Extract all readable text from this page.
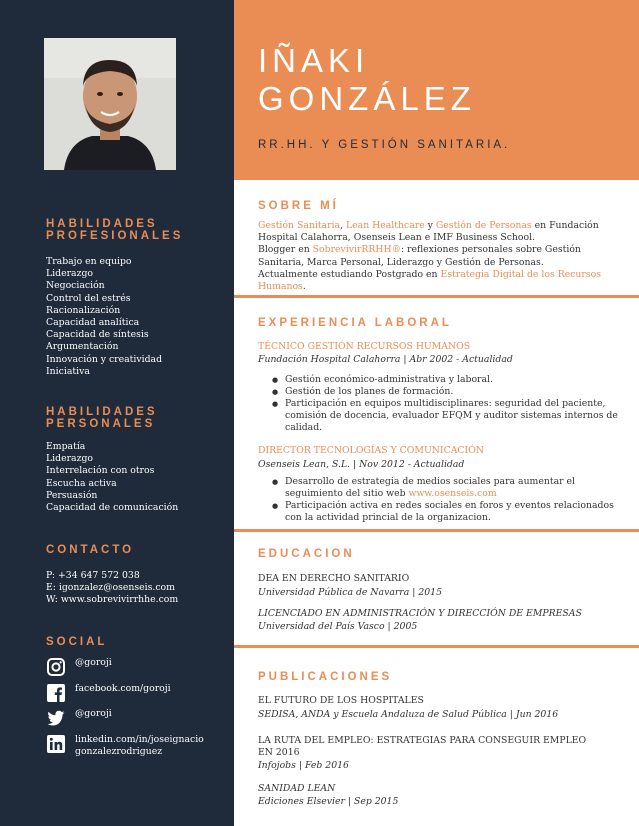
HABILIDADES
PROFESIONALES
Trabajo en equipo
Liderazgo
Negociación
Control del estrés
Racionalización
Capacidad analítica
Capacidad de síntesis
Argumentación
Innovación y creatividad
Iniciativa
HABILIDADES
PERSONALES
Empatía
Liderazgo
Interrelación con otros
Escucha activa
Persuasión
Capacidad de comunicación
CONTACTO
P: +34 647 572 038
E: igonzalez@osenseis.com
W: www.sobrevivirrhhe.com
SOCIAL
@goroji
facebook.com/goroji
@goroji
linkedin.com/in/joseignacio
gonzalezrodriguez
IÑAKI
GONZÁLEZ
RR.HH. Y GESTIÓN SANITARIA.
SOBRE MÍ
Gestión Sanitaria, Lean Healthcare y Gestión de Personas en Fundación Hospital Calahorra, Osenseis Lean e IMF Business School.
Blogger en SobrevivirRRHH®: reflexiones personales sobre Gestión Sanitaria, Marca Personal, Liderazgo y Gestión de Personas.
Actualmente estudiando Postgrado en Estrategia Digital de los Recursos Humanos.
EXPERIENCIA LABORAL
TÉCNICO GESTIÓN RECURSOS HUMANOS
Fundación Hospital Calahorra | Abr 2002 - Actualidad
● Gestión económico-administrativa y laboral.
● Gestión de los planes de formación.
● Participación en equipos multidisciplinares: seguridad del paciente, comisión de docencia, evaluador EFQM y auditor sistemas internos de calidad.
DIRECTOR TECNOLOGÍAS Y COMUNICACIÓN
Osenseis Lean, S.L. | Nov 2012 - Actualidad
● Desarrollo de estrategia de medios sociales para aumentar el seguimiento del sitio web www.osenseis.com
● Participación activa en redes sociales en foros y eventos relacionados con la actividad princial de la organizacion.
EDUCACION
DEA EN DERECHO SANITARIO
Universidad Pública de Navarra | 2015
LICENCIADO EN ADMINISTRACIÓN Y DIRECCIÓN DE EMPRESAS
Universidad del País Vasco | 2005
PUBLICACIONES
EL FUTURO DE LOS HOSPITALES
SEDISA, ANDA y Escuela Andaluza de Salud Pública | Jun 2016
LA RUTA DEL EMPLEO: ESTRATEGIAS PARA CONSEGUIR EMPLEO EN 2016
Infojobs | Feb 2016
SANIDAD LEAN
Ediciones Elsevier | Sep 2015
